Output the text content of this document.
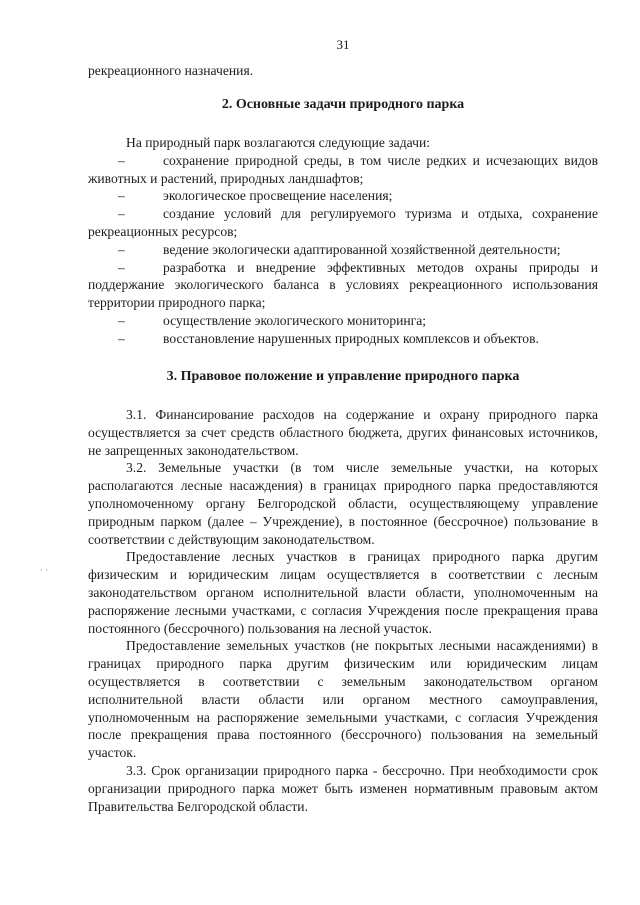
31

рекреационного назначения.

2. Основные задачи природного парка

На природный парк возлагаются следующие задачи:

–	сохранение природной среды, в том числе редких и исчезающих видов животных и растений, природных ландшафтов;

–	экологическое просвещение населения;

–	создание условий для регулируемого туризма и отдыха, сохранение рекреационных ресурсов;

–	ведение экологически адаптированной хозяйственной деятельности;

–	разработка и внедрение эффективных методов охраны природы и поддержание экологического баланса в условиях рекреационного использования территории природного парка;

–	осуществление экологического мониторинга;

–	восстановление нарушенных природных комплексов и объектов.

3. Правовое положение и управление природного парка

3.1. Финансирование расходов на содержание и охрану природного парка осуществляется за счет средств областного бюджета, других финансовых источников, не запрещенных законодательством.

3.2. Земельные участки (в том числе земельные участки, на которых располагаются лесные насаждения) в границах природного парка предоставляются уполномоченному органу Белгородской области, осуществляющему управление природным парком (далее – Учреждение), в постоянное (бессрочное) пользование в соответствии с действующим законодательством.

Предоставление лесных участков в границах природного парка другим физическим и юридическим лицам осуществляется в соответствии с лесным законодательством органом исполнительной власти области, уполномоченным на распоряжение лесными участками, с согласия Учреждения после прекращения права постоянного (бессрочного) пользования на лесной участок.

Предоставление земельных участков (не покрытых лесными насаждениями) в границах природного парка другим физическим или юридическим лицам осуществляется в соответствии с земельным законодательством органом исполнительной власти области или органом местного самоуправления, уполномоченным на распоряжение земельными участками, с согласия Учреждения после прекращения права постоянного (бессрочного) пользования на земельный участок.

3.3. Срок организации природного парка - бессрочно. При необходимости срок организации природного парка может быть изменен нормативным правовым актом Правительства Белгородской области.

· ·
